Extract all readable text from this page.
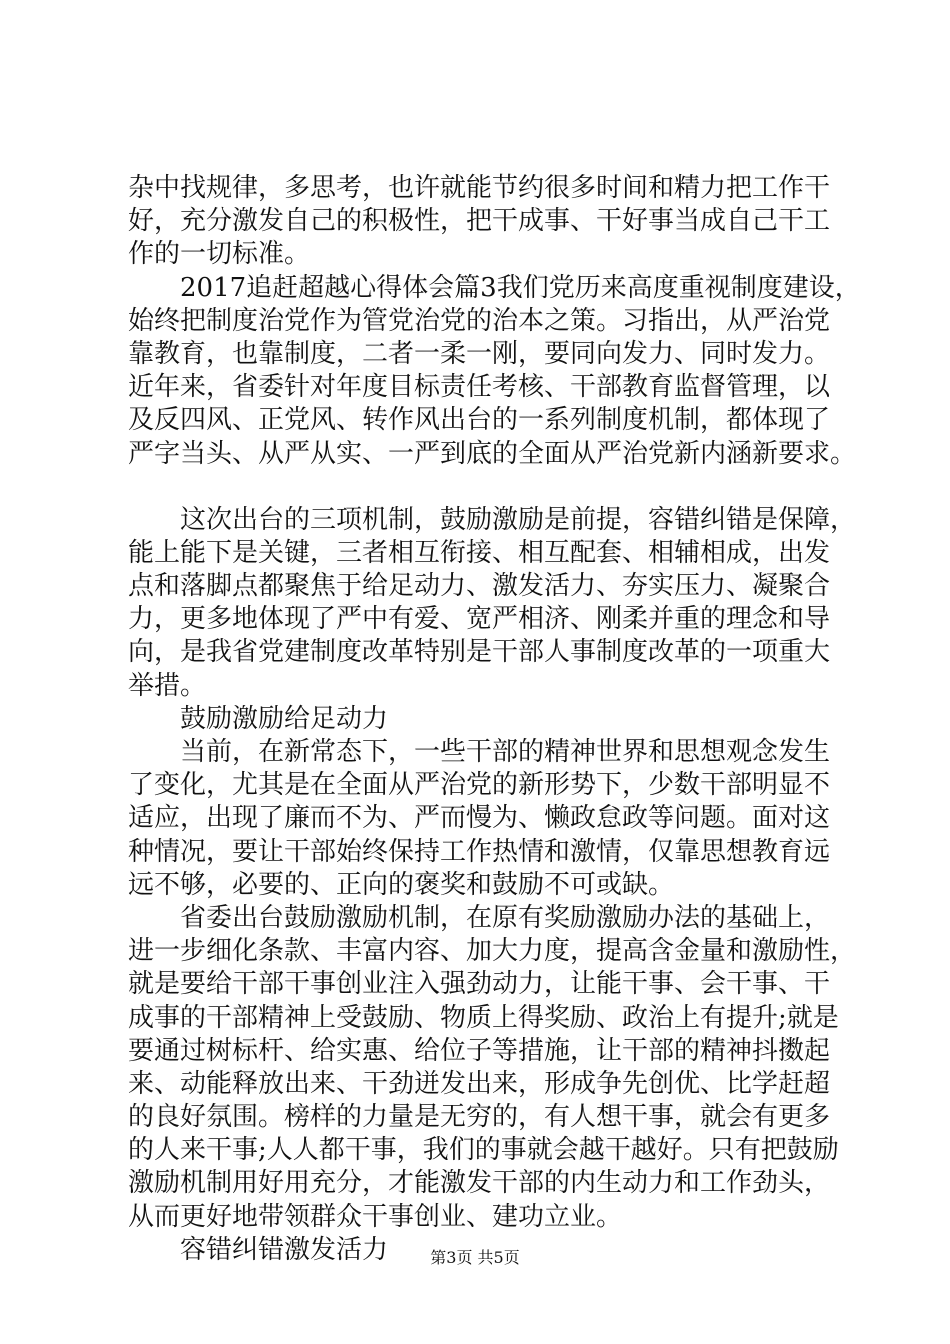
杂中找规律，多思考，也许就能节约很多时间和精力把工作干
好，充分激发自己的积极性，把干成事、干好事当成自己干工
作的一切标准。
2017追赶超越心得体会篇3我们党历来高度重视制度建设，
始终把制度治党作为管党治党的治本之策。习指出，从严治党
靠教育，也靠制度，二者一柔一刚，要同向发力、同时发力。
近年来，省委针对年度目标责任考核、干部教育监督管理，以
及反四风、正党风、转作风出台的一系列制度机制，都体现了
严字当头、从严从实、一严到底的全面从严治党新内涵新要求。
这次出台的三项机制，鼓励激励是前提，容错纠错是保障，
能上能下是关键，三者相互衔接、相互配套、相辅相成，出发
点和落脚点都聚焦于给足动力、激发活力、夯实压力、凝聚合
力，更多地体现了严中有爱、宽严相济、刚柔并重的理念和导
向，是我省党建制度改革特别是干部人事制度改革的一项重大
举措。
鼓励激励给足动力
当前，在新常态下，一些干部的精神世界和思想观念发生
了变化，尤其是在全面从严治党的新形势下，少数干部明显不
适应，出现了廉而不为、严而慢为、懒政怠政等问题。面对这
种情况，要让干部始终保持工作热情和激情，仅靠思想教育远
远不够，必要的、正向的褒奖和鼓励不可或缺。
省委出台鼓励激励机制，在原有奖励激励办法的基础上，
进一步细化条款、丰富内容、加大力度，提高含金量和激励性，
就是要给干部干事创业注入强劲动力，让能干事、会干事、干
成事的干部精神上受鼓励、物质上得奖励、政治上有提升;就是
要通过树标杆、给实惠、给位子等措施，让干部的精神抖擞起
来、动能释放出来、干劲迸发出来，形成争先创优、比学赶超
的良好氛围。榜样的力量是无穷的，有人想干事，就会有更多
的人来干事;人人都干事，我们的事就会越干越好。只有把鼓励
激励机制用好用充分，才能激发干部的内生动力和工作劲头，
从而更好地带领群众干事创业、建功立业。
容错纠错激发活力	第3页 共5页
